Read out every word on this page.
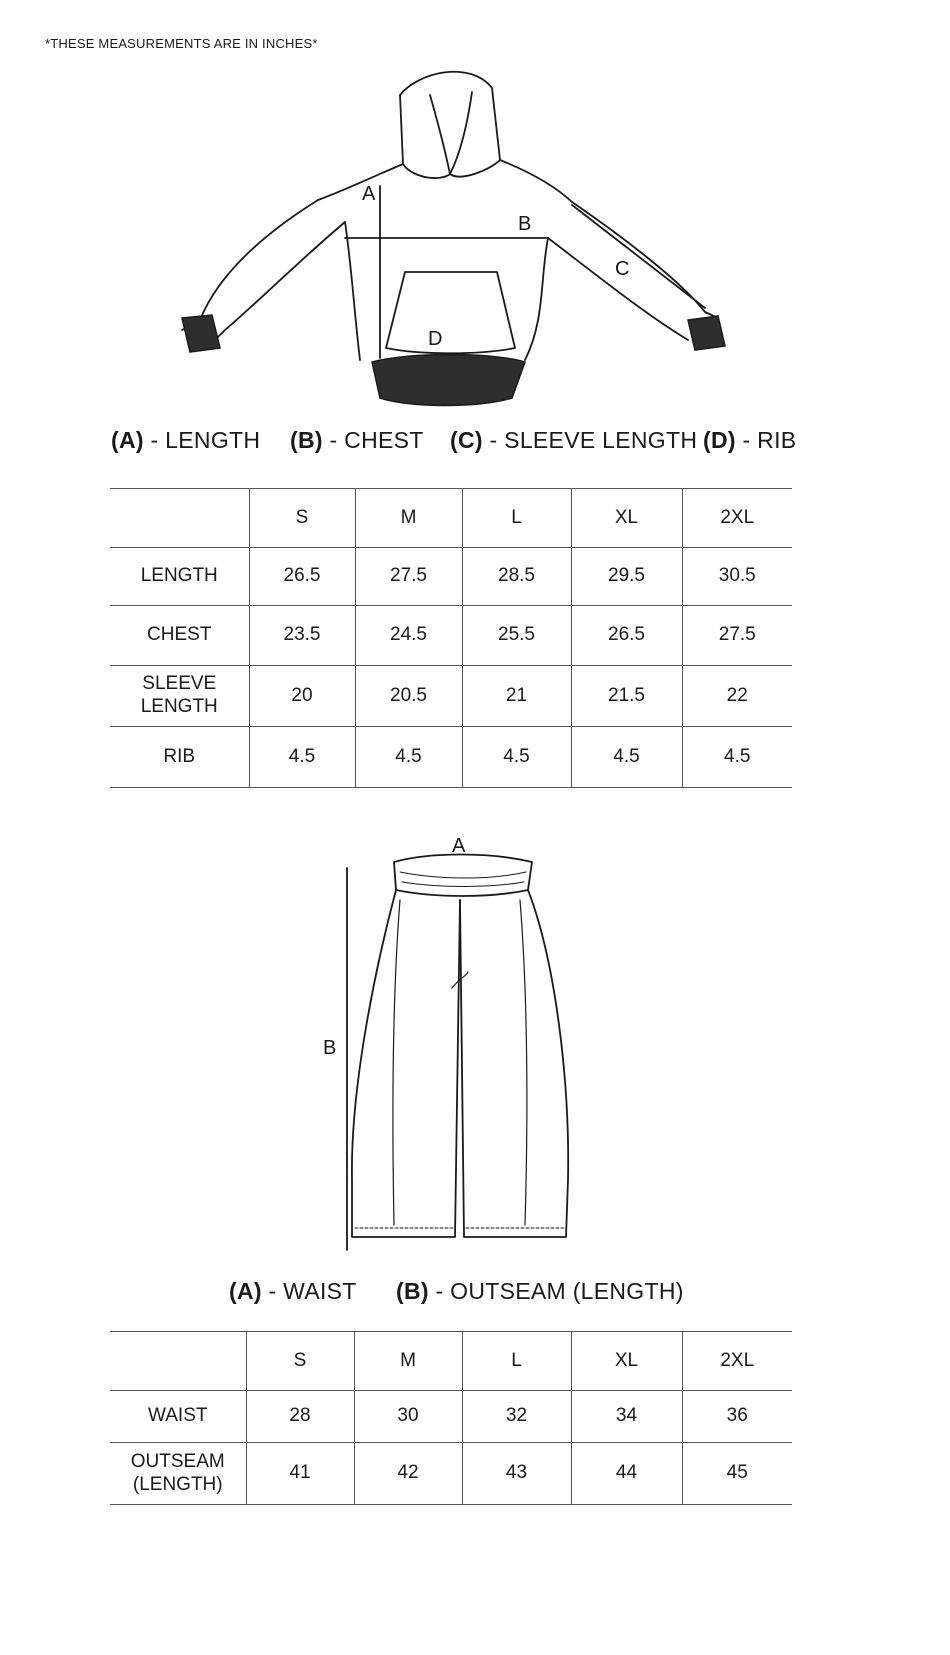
*THESE MEASUREMENTS ARE IN INCHES*
A
B
C
D
(A) - LENGTH (B) - CHEST (C) - SLEEVE LENGTH (D) - RIB
	S	M	L	XL	2XL
LENGTH	26.5	27.5	28.5	29.5	30.5
CHEST	23.5	24.5	25.5	26.5	27.5
SLEEVE
LENGTH	20	20.5	21	21.5	22
RIB	4.5	4.5	4.5	4.5	4.5
A
B
(A) - WAIST (B) - OUTSEAM (LENGTH)
	S	M	L	XL	2XL
WAIST	28	30	32	34	36
OUTSEAM
(LENGTH)	41	42	43	44	45
